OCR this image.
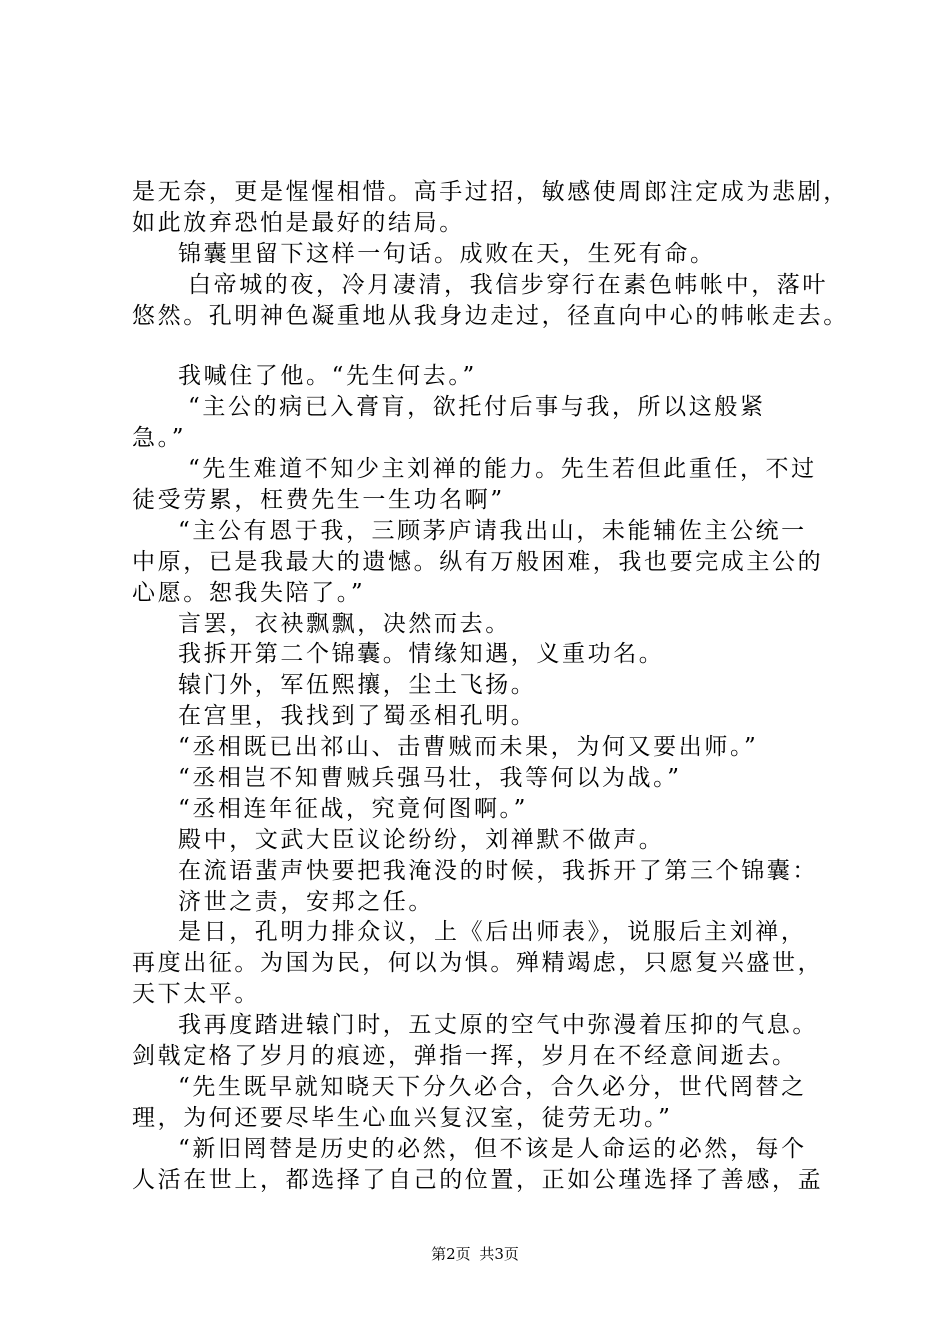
是无奈，更是惺惺相惜。高手过招，敏感使周郎注定成为悲剧，
如此放弃恐怕是最好的结局。
锦囊里留下这样一句话。成败在天，生死有命。
白帝城的夜，冷月凄清，我信步穿行在素色帏帐中，落叶
悠然。孔明神色凝重地从我身边走过，径直向中心的帏帐走去。
我喊住了他。“先生何去。”
“主公的病已入膏肓，欲托付后事与我，所以这般紧
急。”
“先生难道不知少主刘禅的能力。先生若但此重任，不过
徒受劳累，枉费先生一生功名啊”
“主公有恩于我，三顾茅庐请我出山，未能辅佐主公统一
中原，已是我最大的遗憾。纵有万般困难，我也要完成主公的
心愿。恕我失陪了。”
言罢，衣袂飘飘，决然而去。
我拆开第二个锦囊。情缘知遇，义重功名。
辕门外，军伍熙攘，尘土飞扬。
在宫里，我找到了蜀丞相孔明。
“丞相既已出祁山、击曹贼而未果，为何又要出师。”
“丞相岂不知曹贼兵强马壮，我等何以为战。”
“丞相连年征战，究竟何图啊。”
殿中，文武大臣议论纷纷，刘禅默不做声。
在流语蜚声快要把我淹没的时候，我拆开了第三个锦囊：
济世之责，安邦之任。
是日，孔明力排众议，上《后出师表》，说服后主刘禅，
再度出征。为国为民，何以为惧。殚精竭虑，只愿复兴盛世，
天下太平。
我再度踏进辕门时，五丈原的空气中弥漫着压抑的气息。
剑戟定格了岁月的痕迹，弹指一挥，岁月在不经意间逝去。
“先生既早就知晓天下分久必合，合久必分，世代罔替之
理，为何还要尽毕生心血兴复汉室，徒劳无功。”
“新旧罔替是历史的必然，但不该是人命运的必然，每个
人活在世上，都选择了自己的位置，正如公瑾选择了善感，孟
第2页 共3页
